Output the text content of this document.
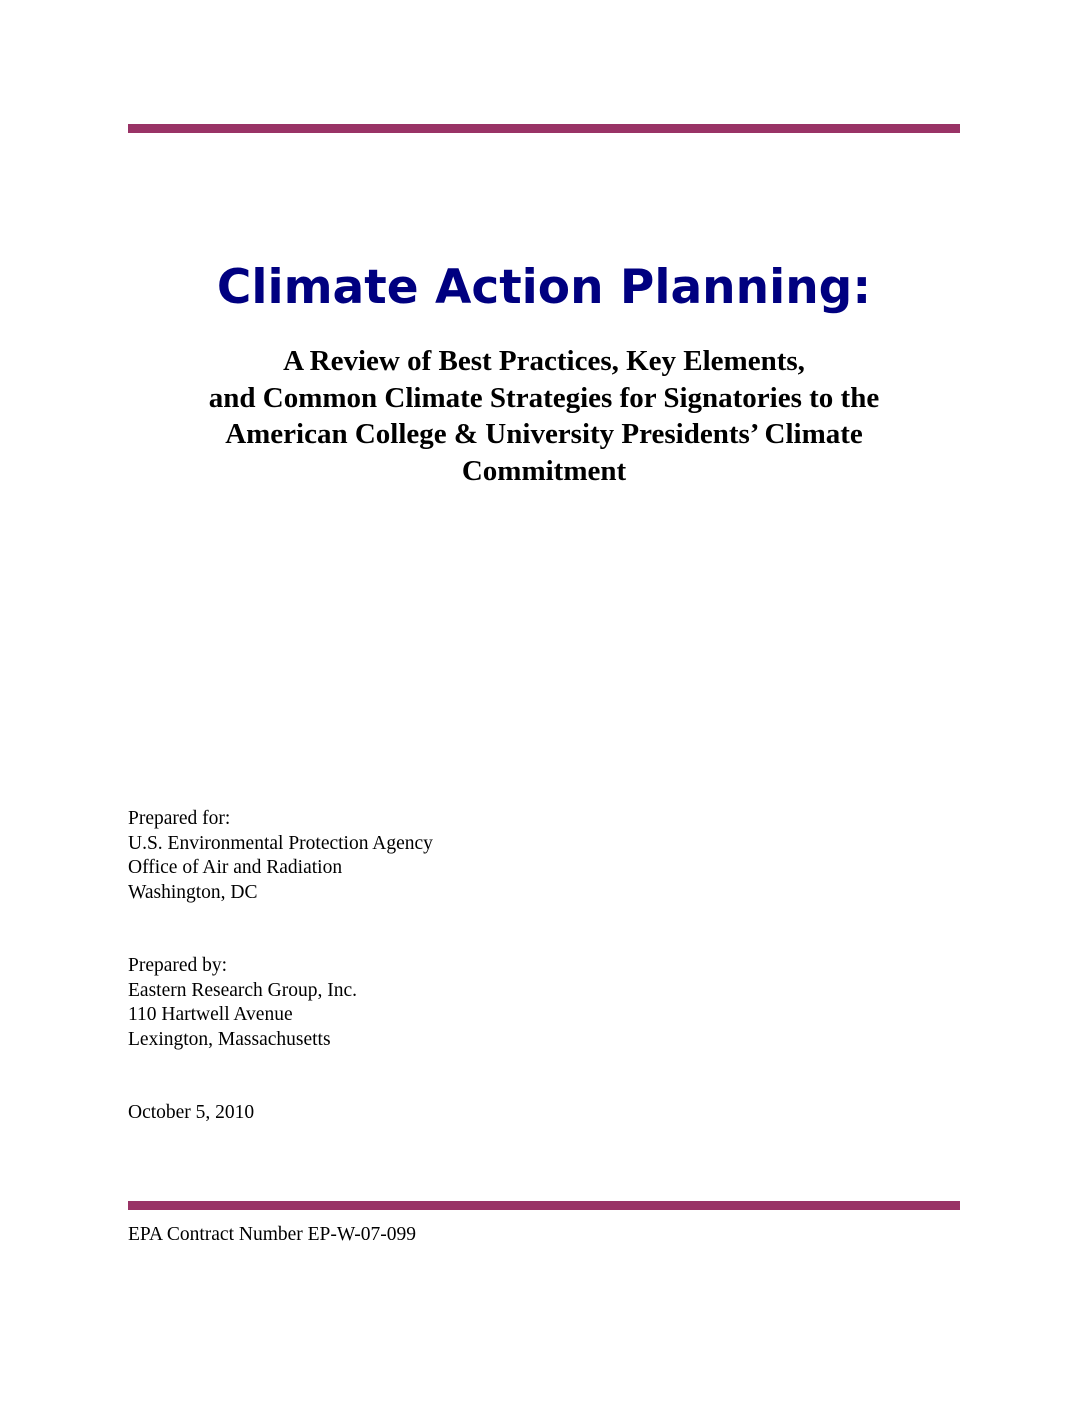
Climate Action Planning:
A Review of Best Practices, Key Elements,
and Common Climate Strategies for Signatories to the
American College & University Presidents’ Climate
Commitment
Prepared for:
U.S. Environmental Protection Agency
Office of Air and Radiation
Washington, DC
Prepared by:
Eastern Research Group, Inc.
110 Hartwell Avenue
Lexington, Massachusetts
October 5, 2010
EPA Contract Number EP-W-07-099
